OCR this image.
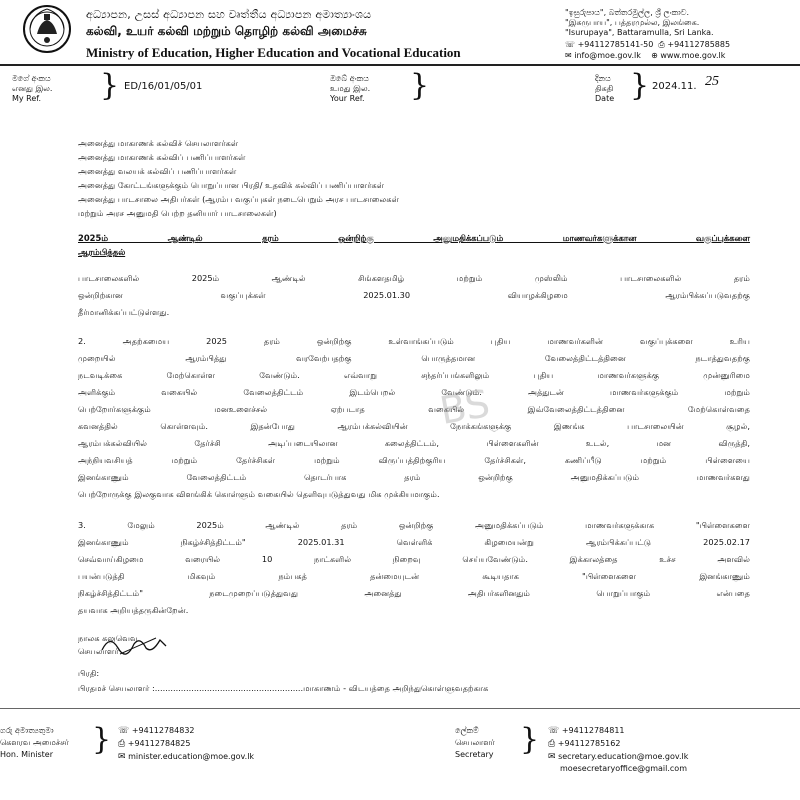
අධ්‍යාපන, උසස් අධ්‍යාපන සහ වෘත්තීය අධ්‍යාපන අමාත්‍යාංශය
கல்வி, உயர் கல்வி மற்றும் தொழிற் கல்வி அமைச்சு
Ministry of Education, Higher Education and Vocational Education
"ඉසුරුපාය", බත්තරමුල්ල, ශ්‍රී ලංකාව.
"இசுருபாய", பத்தரமுல்ல, இலங்கை.
"Isurupaya", Battaramulla, Sri Lanka.
☏ +94112785141-50 ⎙ +94112785885
✉ info@moe.gov.lk ⊕ www.moe.gov.lk
මගේ අංකය
எனது இல.
My Ref.	} ED/16/01/05/01
ඔබේ අංකය
உமது இல.
Your Ref. }	දිනය
திகதி
Date } 2024.11. 25
அனைத்து மாகாணக் கல்விச் செயலாளர்கள்
அனைத்து மாகாணக் கல்விப் பணிப்பாளர்கள்
அனைத்து வலயக் கல்விப் பணிப்பாளர்கள்
அனைத்து கோட்டங்களுக்கும் பொறுப்பான பிரதி/ உதவிக் கல்விப் பணிப்பாளர்கள்
அனைத்து பாடசாலை அதிபர்கள் (ஆரம்ப வகுப்புகள் நடைபெறும் அரச பாடசாலைகள்
மற்றும் அரச அனுமதி பெற்ற தனியார் பாடசாலைகள்)
2025ம் ஆண்டில் தரம் ஒன்றிற்கு அனுமதிக்கப்படும் மாணவர்களுக்கான வகுப்புக்களை
ஆரம்பித்தல்
பாடசாலைகளில் 2025ம் ஆண்டில் சிங்களதமிழ் மற்றும் முஸ்லிம் பாடசாலைகளில் தரம்
ஒன்றிற்கான வகுப்புக்கள் 2025.01.30 வியாழக்கிழமை ஆரம்பிக்கப்படுவதற்கு
தீர்மானிக்கப்பட்டுள்ளது.
2. அதற்கமைய 2025 தரம் ஒன்றிற்கு உள்வாங்கப்படும் புதிய மாணவர்களின் வகுப்புக்களை உரிய
முறையில் ஆரம்பித்து வரவேற்பதற்கு பொருத்தமான வேலைத்திட்டத்தினை நடாத்துவதற்கு
நடவடிக்கை மேற்கொள்ள வேண்டும். எவ்வாறு சந்தர்ப்பங்களிலும் புதிய மாணவர்களுக்கு முன்னுரிமை
அளிக்கும் வகையில் வேலைத்திட்டம் இடம்பெறல் வேண்டும். அத்துடன் மாணவர்களுக்கும் மற்றும்
பெற்றோர்களுக்கும் மனஉளைச்சல் ஏற்படாத வகையில் இவ்வேலைத்திட்டத்தினை மேற்கொள்வதை
கவனத்தில் கொள்ளவும். இதன்போது ஆரம்பக்கல்வியின் நோக்கங்களுக்கு இணங்க பாடசாலையின் சூழல்,
ஆரம்பக்கல்வியில் தேர்ச்சி அடிப்படையிலான கலைத்திட்டம், பிள்ளைகளின் உடல், மன விருத்தி,
அந்நியவசியத் மற்றும் தேர்ச்சிகள் மற்றும் விருப்பத்திற்குரிய தேர்ச்சிகள், கணிப்பீடு மற்றும் பிள்ளையை
இனங்காணும் வேலைத்திட்டம் தொடர்பாக தரம் ஒன்றிற்கு அனுமதிக்கப்படும் மாணவர்களது
பெற்றோருக்கு இலகுவாக விளங்கிக் கொள்ளும் வகையில் தெளிவுபடுத்துவது மிக முக்கியமாகும்.
BS
3. மேலும் 2025ம் ஆண்டில் தரம் ஒன்றிற்கு அனுமதிக்கப்படும் மாணவர்களுக்காக "பிள்ளைகளை
இனங்காணும் நிகழ்ச்சித்திட்டம்" 2025.01.31 வெள்ளிக் கிழமையன்று ஆரம்பிக்கப்பட்டு 2025.02.17
செவ்வாய்கிழமை வரையில் 10 நாட்களில் நிறைவு செய்யவேண்டும். இக்காலத்தை உச்ச அளவில்
பயன்படுத்தி மிகவும் நம்பகத் தன்மையுடன் கூடியதாக "பிள்ளைகளை இனங்காணும்
நிகழ்ச்சித்திட்டம்" நடைமுறைப்படுத்துவது அனைத்து அதிபர்களினதும் பொறுப்பாகும் என்பதை
தயவாக அறியத்தருகின்றேன்.
நாலக கலுவெவ
செயலாளர்
பிரதி:
பிரதமச் செயலாளர் :.........................................................மாகாணம் - விடயத்தை அறிந்துகொள்ளுவதற்காக
ගරු අමාත්‍යතුමා
கௌரவ அமைச்சர்
Hon. Minister } ☏ +94112784832
⎙ +94112784825
✉ minister.education@moe.gov.lk
ලේකම්
செயலாளர்
Secretary } ☏ +94112784811
⎙ +94112785162
✉ secretary.education@moe.gov.lk
moesecretaryoffice@gmail.com
